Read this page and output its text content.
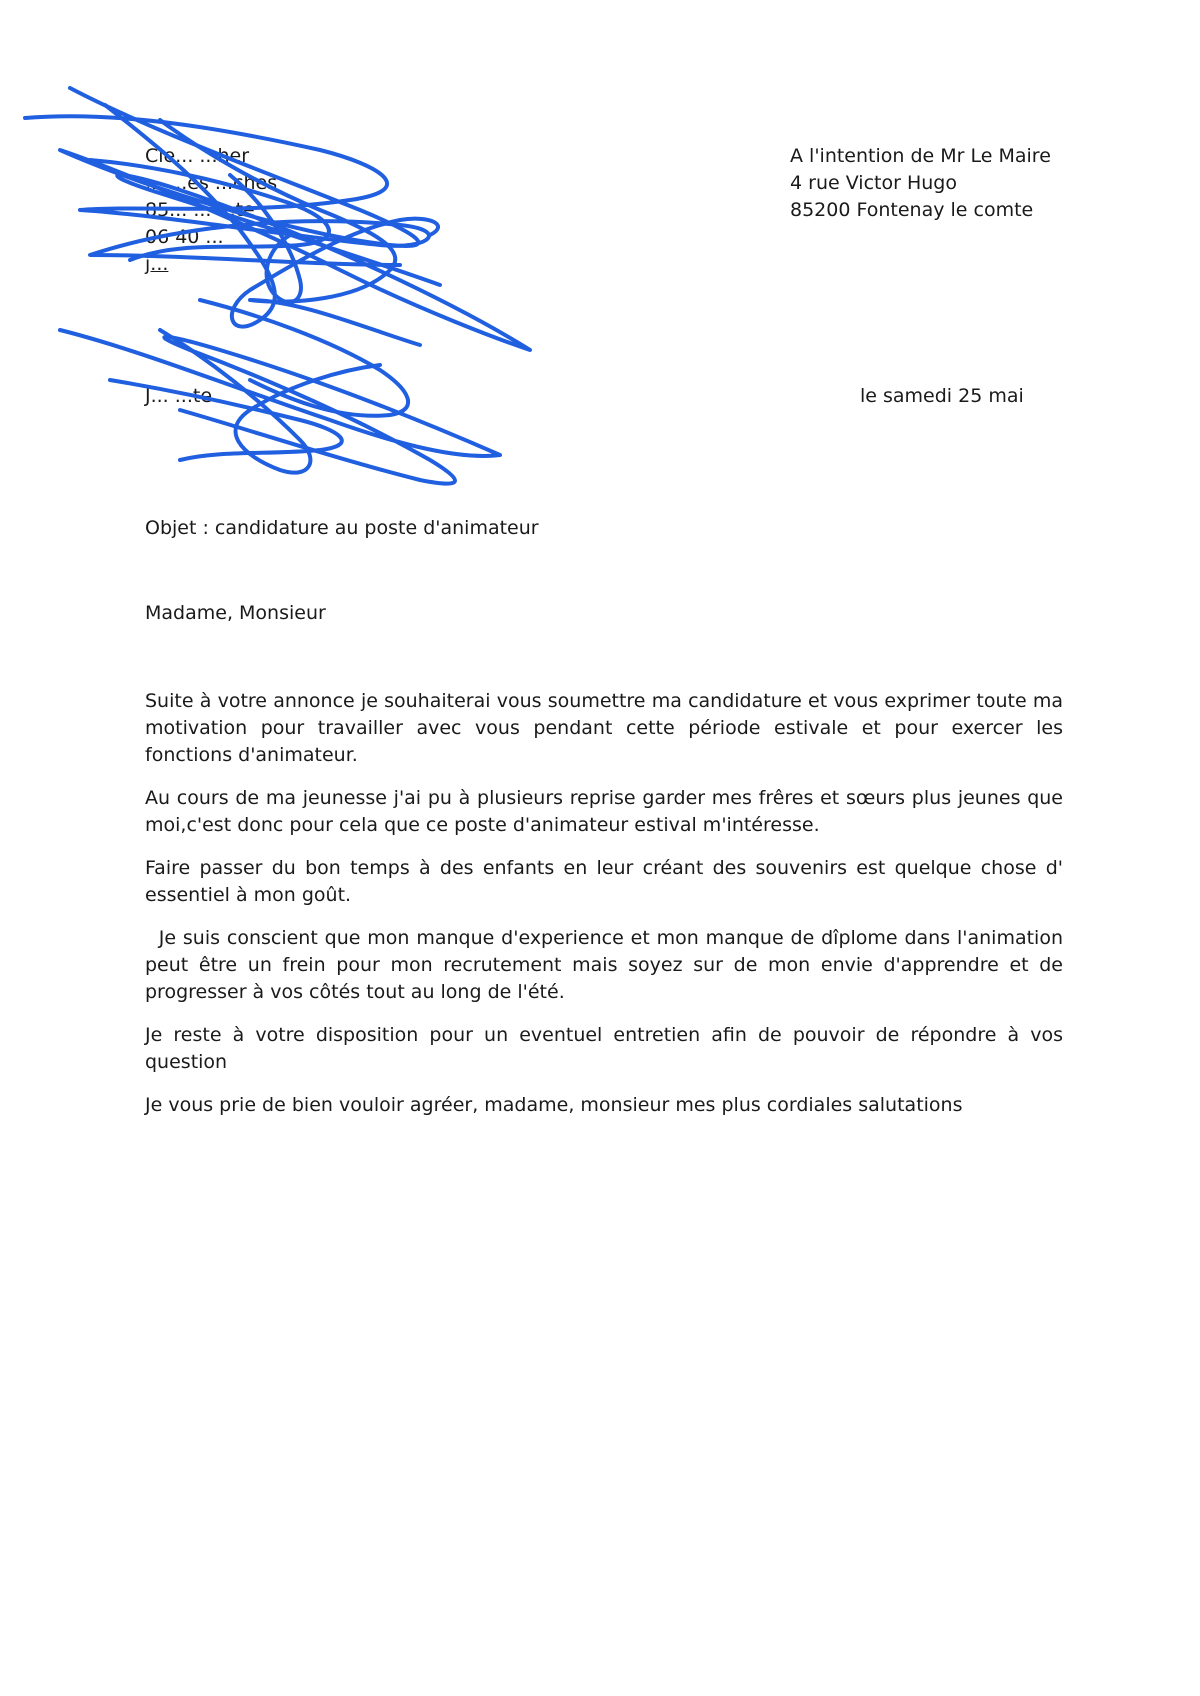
Cle... ...her
... ...es ...ches
85... ... ...te
06 40 ...
j...
A l'intention de Mr Le Maire
4 rue Victor Hugo
85200 Fontenay le comte
J... ...te	le samedi 25 mai
Objet : candidature au poste d'animateur
Madame, Monsieur

Suite à votre annonce je souhaiterai vous soumettre ma candidature et vous exprimer toute ma motivation pour travailler avec vous pendant cette période estivale et pour exercer les fonctions d'animateur.

Au cours de ma jeunesse j'ai pu à plusieurs reprise garder mes frêres et sœurs plus jeunes que moi,c'est donc pour cela que ce poste d'animateur estival m'intéresse.

Faire passer du bon temps à des enfants en leur créant des souvenirs est quelque chose d' essentiel à mon goût.

Je suis conscient que mon manque d'experience et mon manque de dîplome dans l'animation peut être un frein pour mon recrutement mais soyez sur de mon envie d'apprendre et de progresser à vos côtés tout au long de l'été.

Je reste à votre disposition pour un eventuel entretien afin de pouvoir de répondre à vos question

Je vous prie de bien vouloir agréer, madame, monsieur mes plus cordiales salutations
